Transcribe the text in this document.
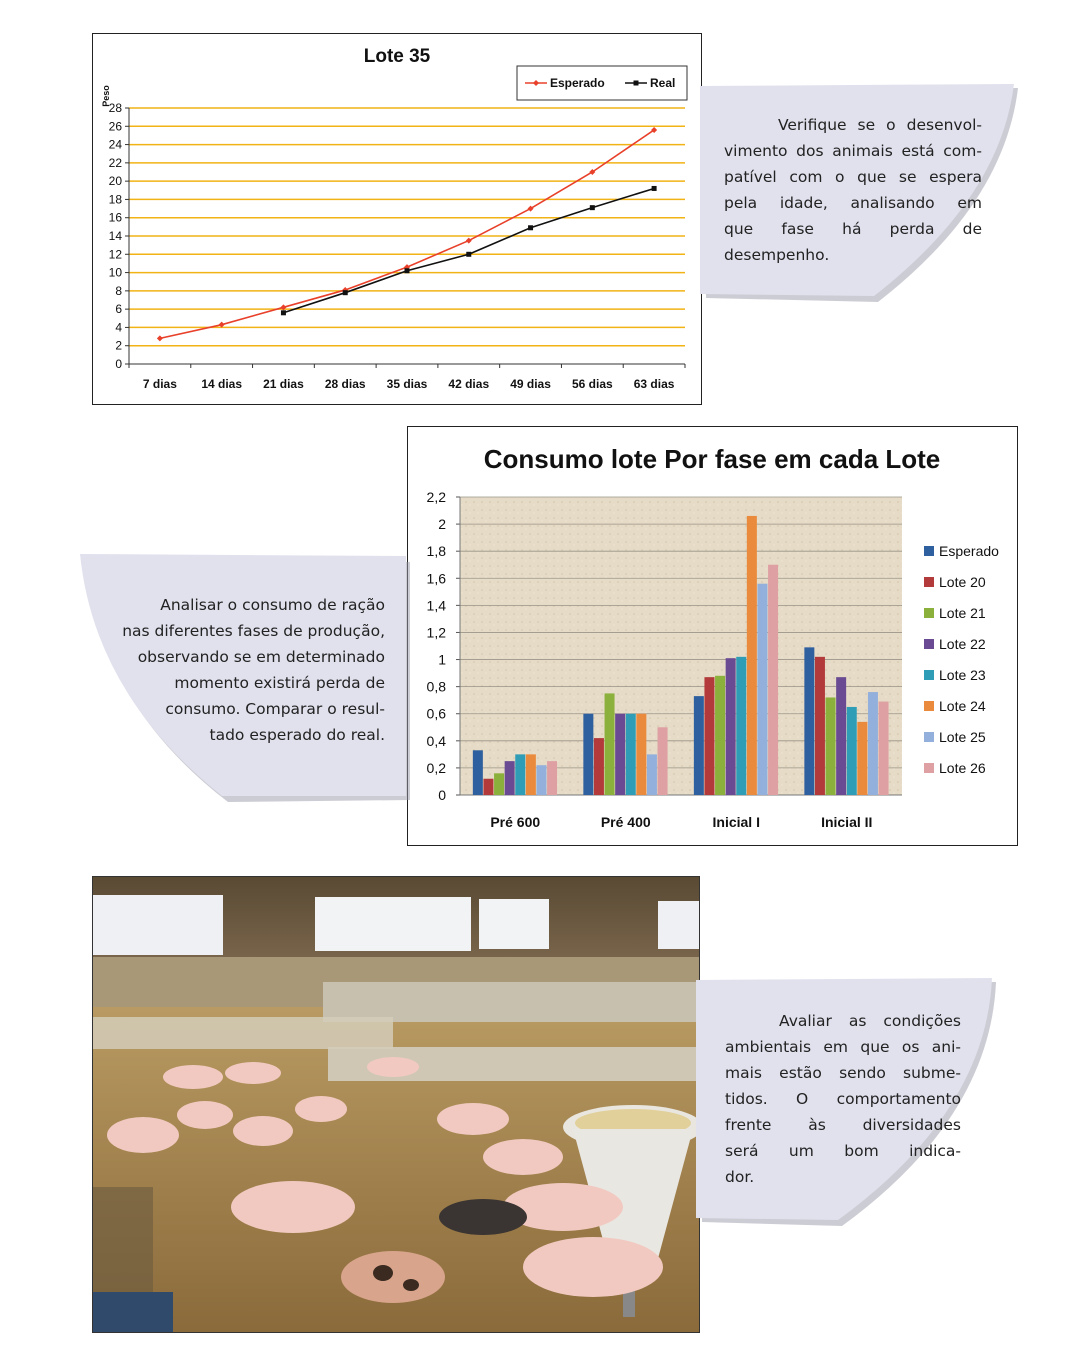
Lote 35
Peso
0
2
4
6
8
10
12
14
16
18
20
22
24
26
28
7 dias 14 dias 21 dias 28 dias 35 dias 42 dias 49 dias 56 dias 63 dias
Esperado	Real

Verifique se o desenvol-

vimento dos animais está com-

patível com o que se espera

pela idade, analisando em

que fase há perda de

desempenho.

Consumo lote Por fase em cada Lote
0
0,2
0,4
0,6
0,8
1
1,2
1,4
1,6
1,8
2
2,2
Pré 600	Pré 400	Inicial I	Inicial II
Esperado
Lote 20
Lote 21
Lote 22
Lote 23
Lote 24
Lote 25
Lote 26

Analisar o consumo de ração

nas diferentes fases de produção,

observando se em determinado

momento existirá perda de

consumo. Comparar o resul-

tado esperado do real.

Avaliar as condições

ambientais em que os ani-

mais estão sendo subme-

tidos. O comportamento

frente às diversidades

será um bom indica-

dor.
